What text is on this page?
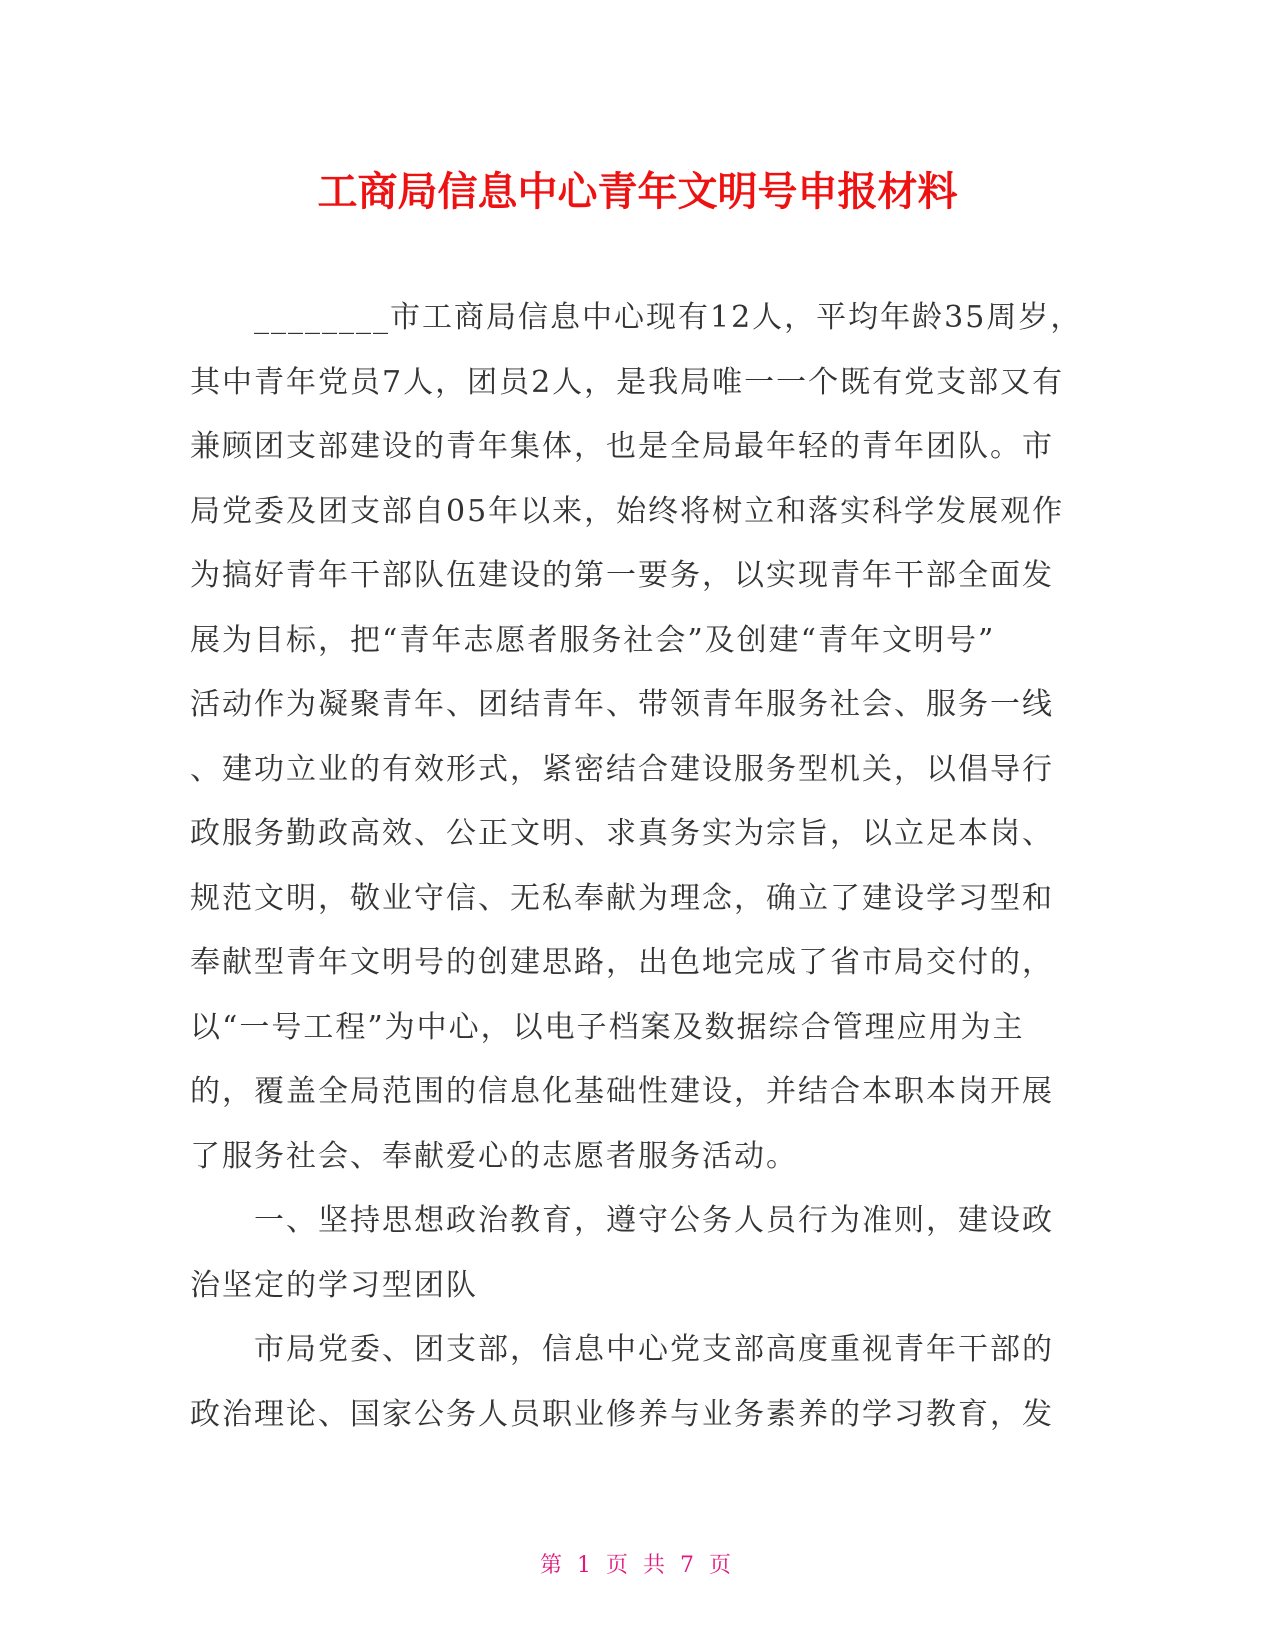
工商局信息中心青年文明号申报材料
________市工商局信息中心现有12人，平均年龄35周岁，
其中青年党员7人，团员2人，是我局唯一一个既有党支部又有
兼顾团支部建设的青年集体，也是全局最年轻的青年团队。市
局党委及团支部自05年以来，始终将树立和落实科学发展观作
为搞好青年干部队伍建设的第一要务，以实现青年干部全面发
展为目标，把“青年志愿者服务社会”及创建“青年文明号”
活动作为凝聚青年、团结青年、带领青年服务社会、服务一线
、建功立业的有效形式，紧密结合建设服务型机关，以倡导行
政服务勤政高效、公正文明、求真务实为宗旨，以立足本岗、
规范文明，敬业守信、无私奉献为理念，确立了建设学习型和
奉献型青年文明号的创建思路，出色地完成了省市局交付的，
以“一号工程”为中心，以电子档案及数据综合管理应用为主
的，覆盖全局范围的信息化基础性建设，并结合本职本岗开展
了服务社会、奉献爱心的志愿者服务活动。
一、坚持思想政治教育，遵守公务人员行为准则，建设政
治坚定的学习型团队
市局党委、团支部，信息中心党支部高度重视青年干部的
政治理论、国家公务人员职业修养与业务素养的学习教育，发
第 1 页 共 7 页
